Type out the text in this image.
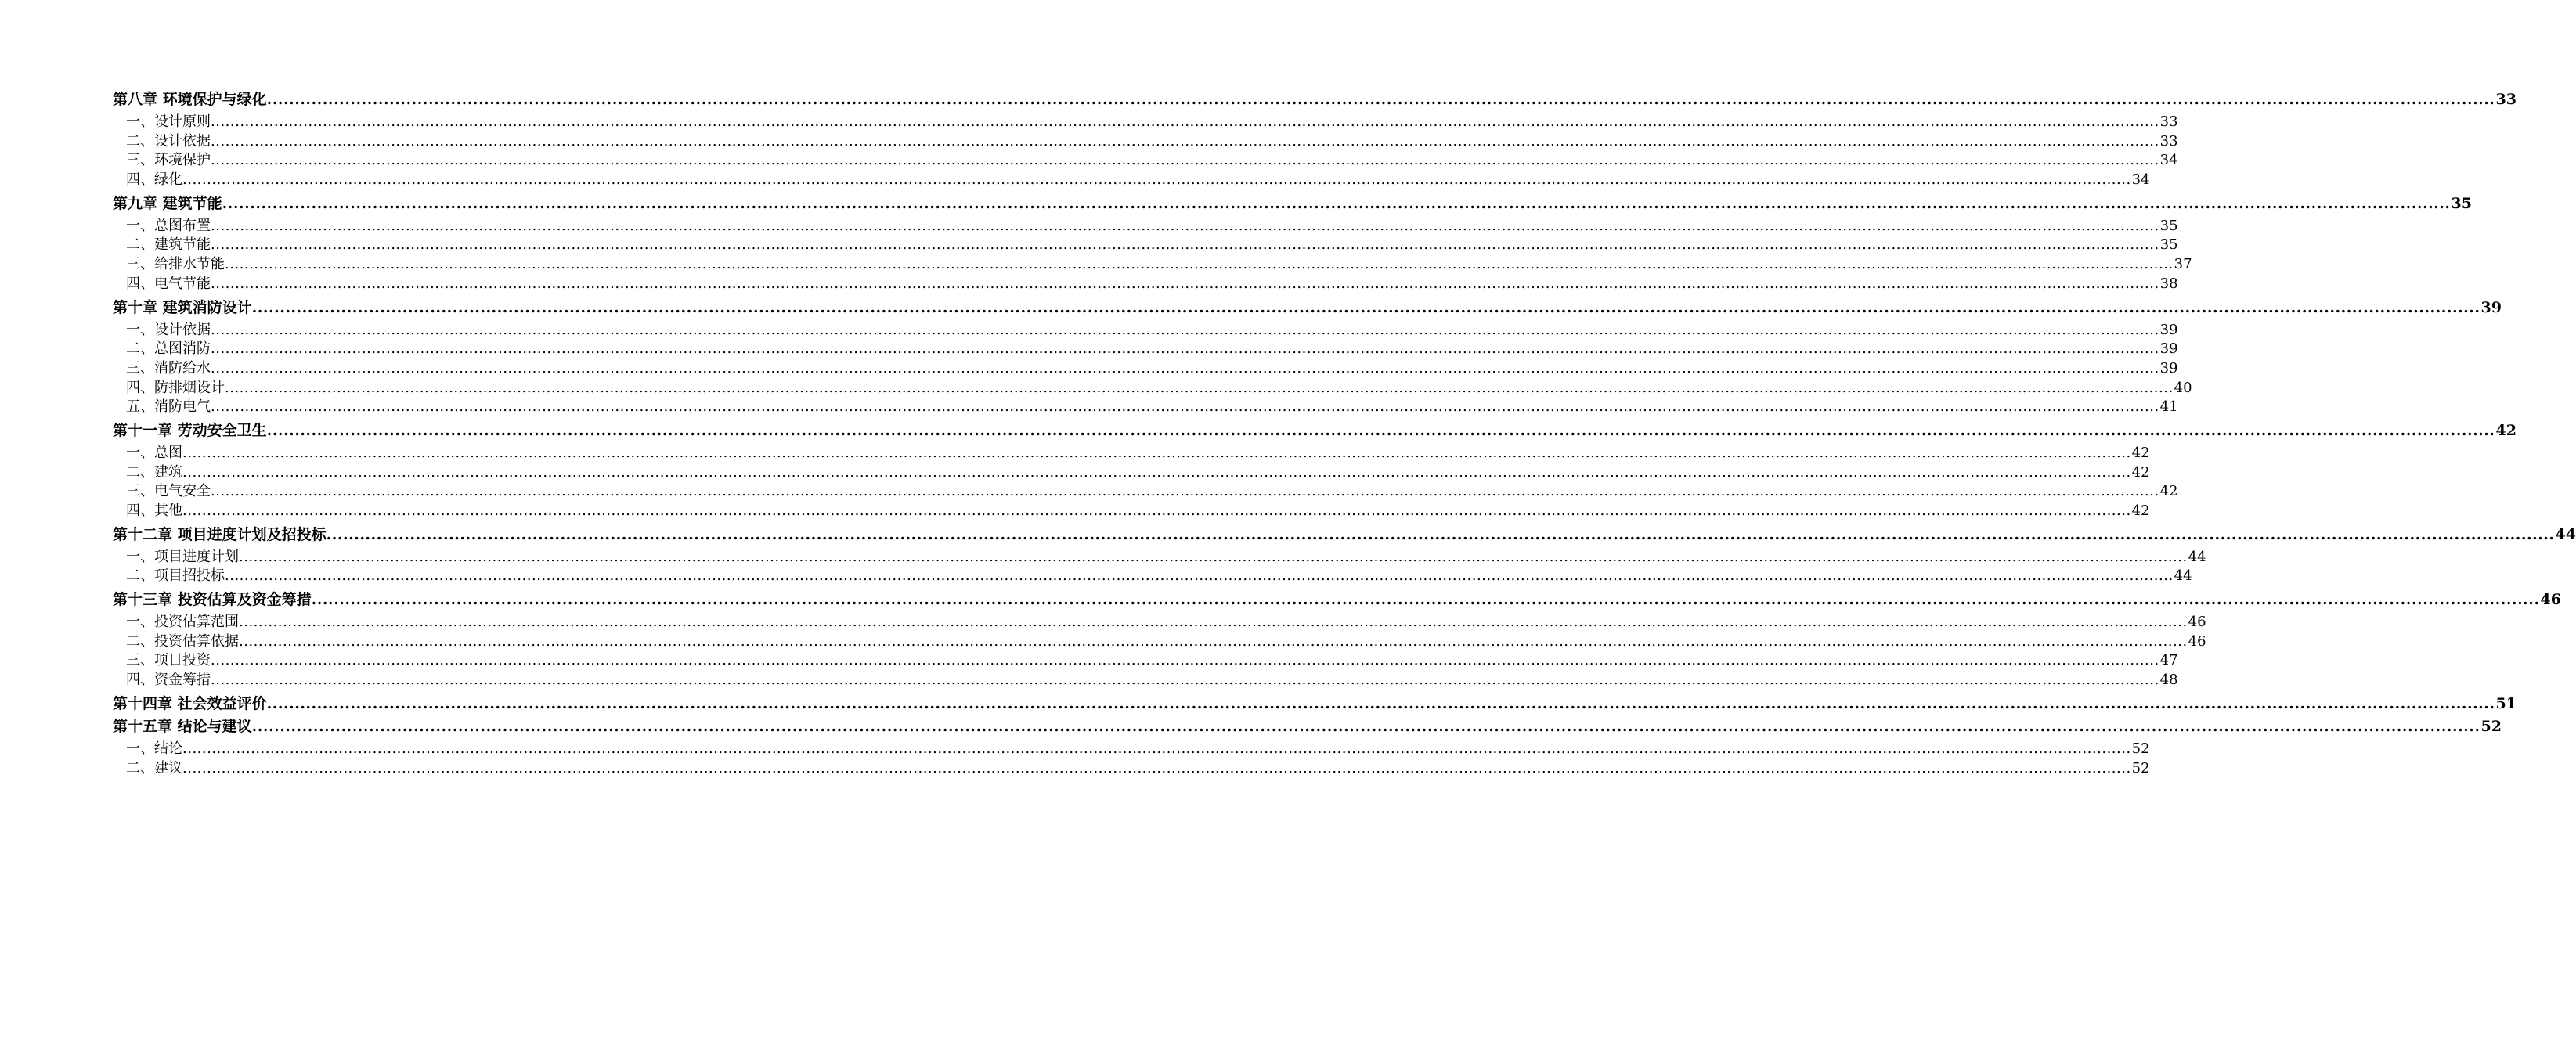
第八章 环境保护与绿化 ................................................................................................................................................................................................................................................................................................................................................................................................................ 33
一、设计原则 ................................................................................................................................................................................................................................................................................................................................................................................................................ 33
二、设计依据 ................................................................................................................................................................................................................................................................................................................................................................................................................ 33
三、环境保护 ................................................................................................................................................................................................................................................................................................................................................................................................................ 34
四、绿化 ................................................................................................................................................................................................................................................................................................................................................................................................................ 34
第九章 建筑节能 ................................................................................................................................................................................................................................................................................................................................................................................................................ 35
一、总图布置 ................................................................................................................................................................................................................................................................................................................................................................................................................ 35
二、建筑节能 ................................................................................................................................................................................................................................................................................................................................................................................................................ 35
三、给排水节能 ................................................................................................................................................................................................................................................................................................................................................................................................................ 37
四、电气节能 ................................................................................................................................................................................................................................................................................................................................................................................................................ 38
第十章 建筑消防设计 ................................................................................................................................................................................................................................................................................................................................................................................................................ 39
一、设计依据 ................................................................................................................................................................................................................................................................................................................................................................................................................ 39
二、总图消防 ................................................................................................................................................................................................................................................................................................................................................................................................................ 39
三、消防给水 ................................................................................................................................................................................................................................................................................................................................................................................................................ 39
四、防排烟设计 ................................................................................................................................................................................................................................................................................................................................................................................................................ 40
五、消防电气 ................................................................................................................................................................................................................................................................................................................................................................................................................ 41
第十一章 劳动安全卫生 ................................................................................................................................................................................................................................................................................................................................................................................................................ 42
一、总图 ................................................................................................................................................................................................................................................................................................................................................................................................................ 42
二、建筑 ................................................................................................................................................................................................................................................................................................................................................................................................................ 42
三、电气安全 ................................................................................................................................................................................................................................................................................................................................................................................................................ 42
四、其他 ................................................................................................................................................................................................................................................................................................................................................................................................................ 42
第十二章 项目进度计划及招投标 ................................................................................................................................................................................................................................................................................................................................................................................................................ 44
一、项目进度计划 ................................................................................................................................................................................................................................................................................................................................................................................................................ 44
二、项目招投标 ................................................................................................................................................................................................................................................................................................................................................................................................................ 44
第十三章 投资估算及资金筹措 ................................................................................................................................................................................................................................................................................................................................................................................................................ 46
一、投资估算范围 ................................................................................................................................................................................................................................................................................................................................................................................................................ 46
二、投资估算依据 ................................................................................................................................................................................................................................................................................................................................................................................................................ 46
三、项目投资 ................................................................................................................................................................................................................................................................................................................................................................................................................ 47
四、资金筹措 ................................................................................................................................................................................................................................................................................................................................................................................................................ 48
第十四章 社会效益评价 ................................................................................................................................................................................................................................................................................................................................................................................................................ 51
第十五章 结论与建议 ................................................................................................................................................................................................................................................................................................................................................................................................................ 52
一、结论 ................................................................................................................................................................................................................................................................................................................................................................................................................ 52
二、建议 ................................................................................................................................................................................................................................................................................................................................................................................................................ 52
